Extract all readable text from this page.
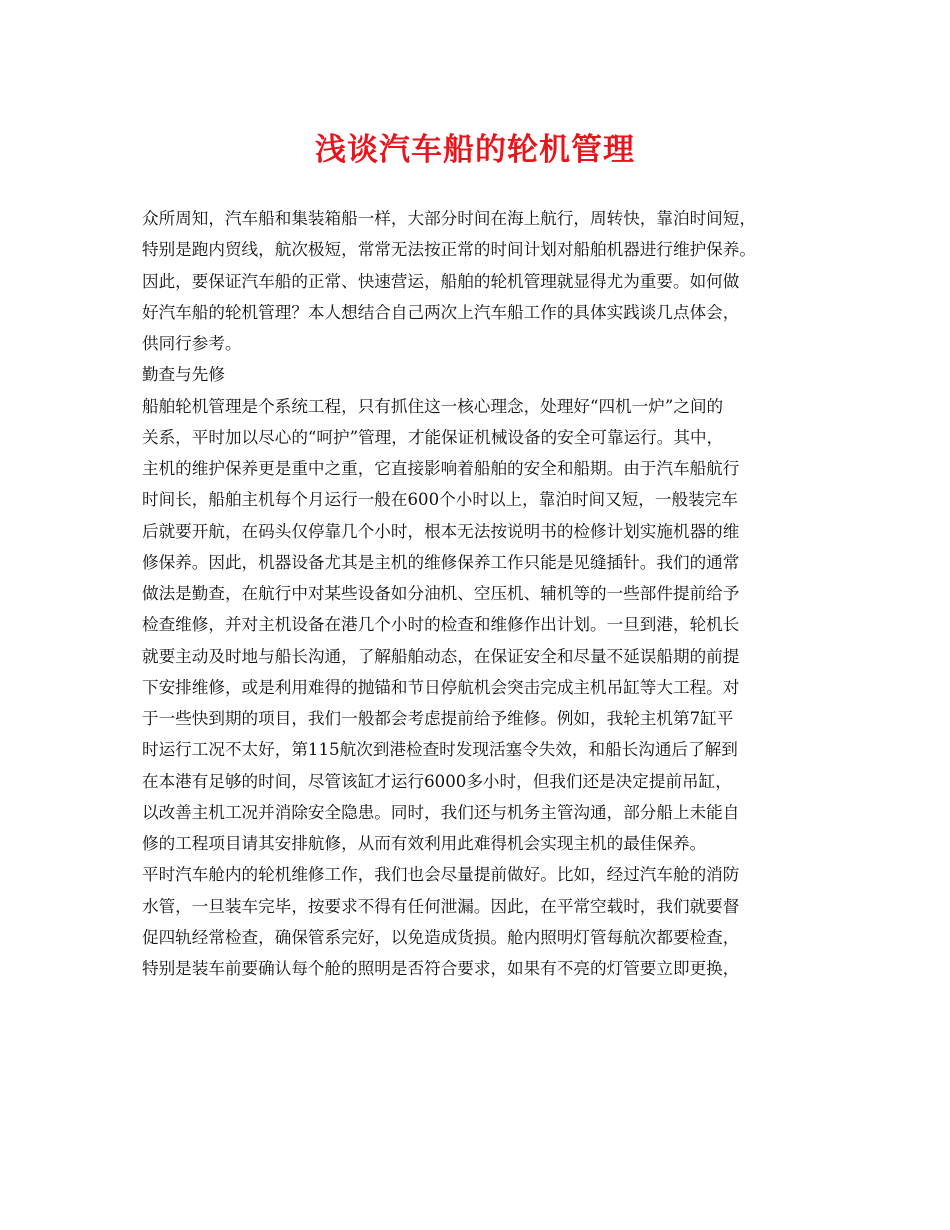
浅谈汽车船的轮机管理
众所周知，汽车船和集装箱船一样，大部分时间在海上航行，周转快，靠泊时间短，
特别是跑内贸线，航次极短，常常无法按正常的时间计划对船舶机器进行维护保养。
因此，要保证汽车船的正常、快速营运，船舶的轮机管理就显得尤为重要。如何做
好汽车船的轮机管理？本人想结合自己两次上汽车船工作的具体实践谈几点体会，
供同行参考。
勤查与先修
船舶轮机管理是个系统工程，只有抓住这一核心理念，处理好“四机一炉”之间的
关系，平时加以尽心的“呵护”管理，才能保证机械设备的安全可靠运行。其中，
主机的维护保养更是重中之重，它直接影响着船舶的安全和船期。由于汽车船航行
时间长，船舶主机每个月运行一般在600个小时以上，靠泊时间又短，一般装完车
后就要开航，在码头仅停靠几个小时，根本无法按说明书的检修计划实施机器的维
修保养。因此，机器设备尤其是主机的维修保养工作只能是见缝插针。我们的通常
做法是勤查，在航行中对某些设备如分油机、空压机、辅机等的一些部件提前给予
检查维修，并对主机设备在港几个小时的检查和维修作出计划。一旦到港，轮机长
就要主动及时地与船长沟通，了解船舶动态，在保证安全和尽量不延误船期的前提
下安排维修，或是利用难得的抛锚和节日停航机会突击完成主机吊缸等大工程。对
于一些快到期的项目，我们一般都会考虑提前给予维修。例如，我轮主机第7缸平
时运行工况不太好，第115航次到港检查时发现活塞令失效，和船长沟通后了解到
在本港有足够的时间，尽管该缸才运行6000多小时，但我们还是决定提前吊缸，
以改善主机工况并消除安全隐患。同时，我们还与机务主管沟通，部分船上未能自
修的工程项目请其安排航修，从而有效利用此难得机会实现主机的最佳保养。
平时汽车舱内的轮机维修工作，我们也会尽量提前做好。比如，经过汽车舱的消防
水管，一旦装车完毕，按要求不得有任何泄漏。因此，在平常空载时，我们就要督
促四轨经常检查，确保管系完好，以免造成货损。舱内照明灯管每航次都要检查，
特别是装车前要确认每个舱的照明是否符合要求，如果有不亮的灯管要立即更换，
